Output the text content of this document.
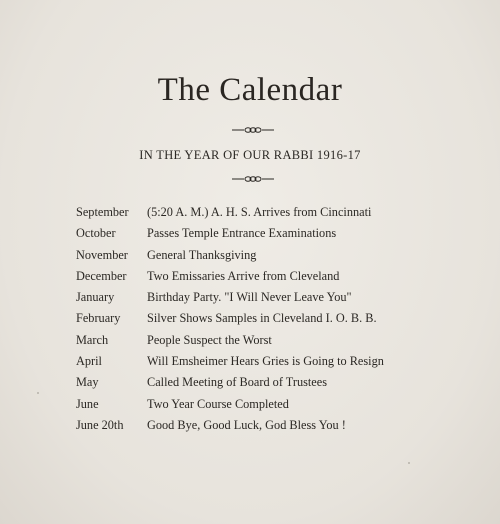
The Calendar
IN THE YEAR OF OUR RABBI 1916-17
September	(5:20 A. M.) A. H. S. Arrives from Cincinnati
October	Passes Temple Entrance Examinations
November	General Thanksgiving
December	Two Emissaries Arrive from Cleveland
January	Birthday Party. "I Will Never Leave You"
February	Silver Shows Samples in Cleveland I. O. B. B.
March	People Suspect the Worst
April	Will Emsheimer Hears Gries is Going to Resign
May	Called Meeting of Board of Trustees
June	Two Year Course Completed
June 20th	Good Bye, Good Luck, God Bless You !
